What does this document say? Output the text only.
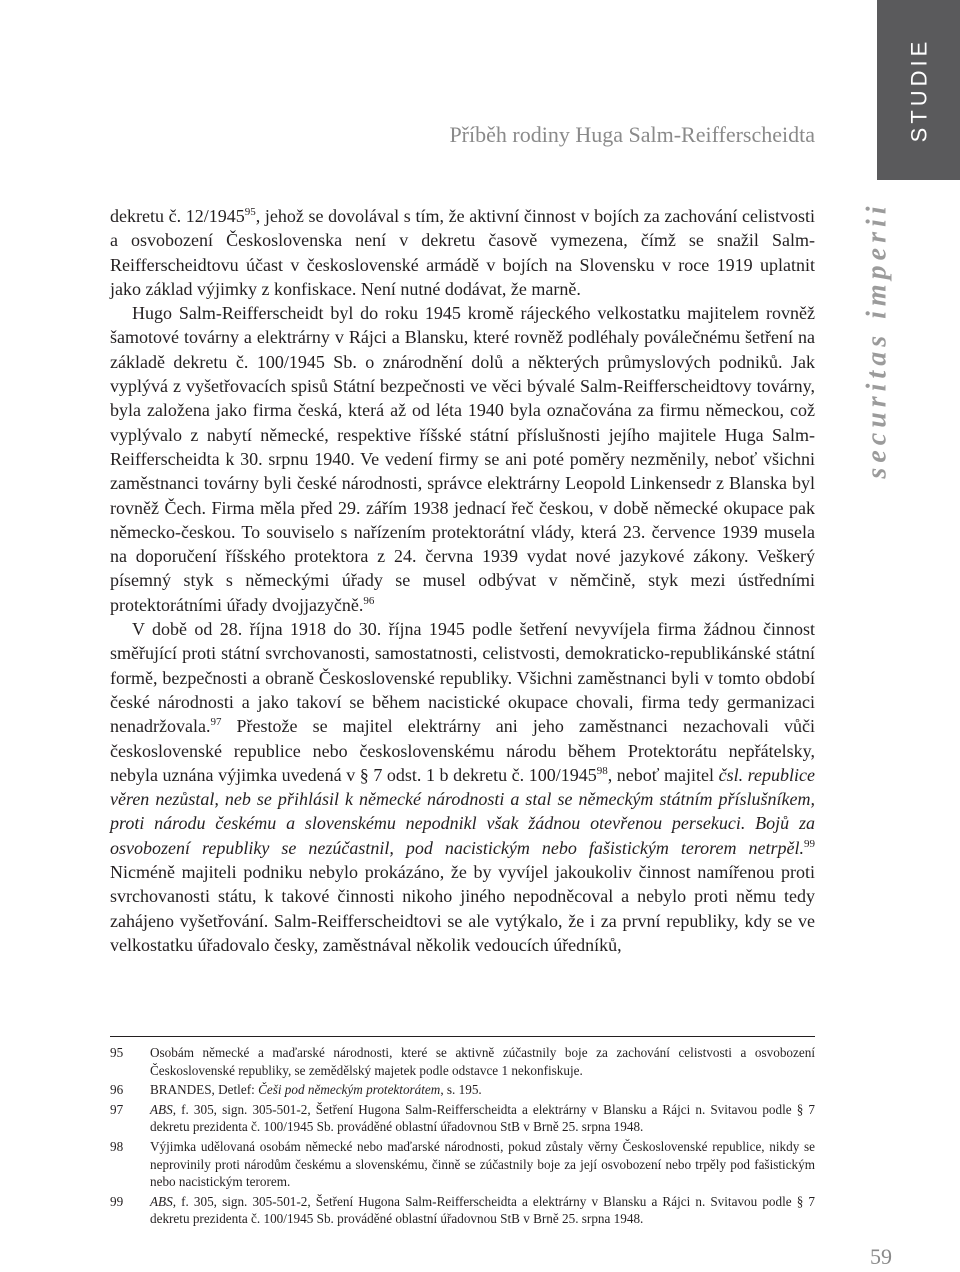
STUDIE
securitas imperii
Příběh rodiny Huga Salm-Reifferscheidta

dekretu č. 12/1945$^{95}$, jehož se dovolával s tím, že aktivní činnost v bojích za zachování celistvosti a osvobození Československa není v dekretu časově vymezena, čímž se snažil Salm-Reifferscheidtovu účast v československé armádě v bojích na Slovensku v roce 1919 uplatnit jako základ výjimky z konfiskace. Není nutné dodávat, že marně.

Hugo Salm-Reifferscheidt byl do roku 1945 kromě rájeckého velkostatku majitelem rovněž šamotové továrny a elektrárny v Rájci a Blansku, které rovněž podléhaly poválečnému šetření na základě dekretu č. 100/1945 Sb. o znárodnění dolů a některých průmyslových podniků. Jak vyplývá z vyšetřovacích spisů Státní bezpečnosti ve věci bývalé Salm-Reifferscheidtovy továrny, byla založena jako firma česká, která až od léta 1940 byla označována za firmu německou, což vyplývalo z nabytí německé, respektive říšské státní příslušnosti jejího majitele Huga Salm-Reifferscheidta k 30. srpnu 1940. Ve vedení firmy se ani poté poměry nezměnily, neboť všichni zaměstnanci továrny byli české národnosti, správce elektrárny Leopold Linkensedr z Blanska byl rovněž Čech. Firma měla před 29. zářím 1938 jednací řeč českou, v době německé okupace pak německo-českou. To souviselo s nařízením protektorátní vlády, která 23. července 1939 musela na doporučení říšského protektora z 24. června 1939 vydat nové jazykové zákony. Veškerý písemný styk s německými úřady se musel odbývat v němčině, styk mezi ústředními protektorátními úřady dvojjazyčně.$^{96}$

V době od 28. října 1918 do 30. října 1945 podle šetření nevyvíjela firma žádnou činnost směřující proti státní svrchovanosti, samostatnosti, celistvosti, demokraticko-republikánské státní formě, bezpečnosti a obraně Československé republiky. Všichni zaměstnanci byli v tomto období české národnosti a jako takoví se během nacistické okupace chovali, firma tedy germanizaci nenadržovala.$^{97}$ Přestože se majitel elektrárny ani jeho zaměstnanci nezachovali vůči československé republice nebo československému národu během Protektorátu nepřátelsky, nebyla uznána výjimka uvedená v § 7 odst. 1 b dekretu č. 100/1945$^{98}$, neboť majitel čsl. republice věren nezůstal, neb se přihlásil k německé národnosti a stal se německým státním příslušníkem, proti národu českému a slovenskému nepodnikl však žádnou otevřenou persekuci. Bojů za osvobození republiky se nezúčastnil, pod nacistickým nebo fašistickým terorem netrpěl.$^{99}$ Nicméně majiteli podniku nebylo prokázáno, že by vyvíjel jakoukoliv činnost namířenou proti svrchovanosti státu, k takové činnosti nikoho jiného nepodněcoval a nebylo proti němu tedy zahájeno vyšetřování. Salm-Reifferscheidtovi se ale vytýkalo, že i za první republiky, kdy se ve velkostatku úřadovalo česky, zaměstnával několik vedoucích úředníků,

95	Osobám německé a maďarské národnosti, které se aktivně zúčastnily boje za zachování celistvosti a osvobození Československé republiky, se zemědělský majetek podle odstavce 1 nekonfiskuje.
96	BRANDES, Detlef: Češi pod německým protektorátem, s. 195.
97	ABS, f. 305, sign. 305-501-2, Šetření Hugona Salm-Reifferscheidta a elektrárny v Blansku a Rájci n. Svitavou podle § 7 dekretu prezidenta č. 100/1945 Sb. prováděné oblastní úřadovnou StB v Brně 25. srpna 1948.
98	Výjimka udělovaná osobám německé nebo maďarské národnosti, pokud zůstaly věrny Československé republice, nikdy se neprovinily proti národům českému a slovenskému, činně se zúčastnily boje za její osvobození nebo trpěly pod fašistickým nebo nacistickým terorem.
99	ABS, f. 305, sign. 305-501-2, Šetření Hugona Salm-Reifferscheidta a elektrárny v Blansku a Rájci n. Svitavou podle § 7 dekretu prezidenta č. 100/1945 Sb. prováděné oblastní úřadovnou StB v Brně 25. srpna 1948.
59
